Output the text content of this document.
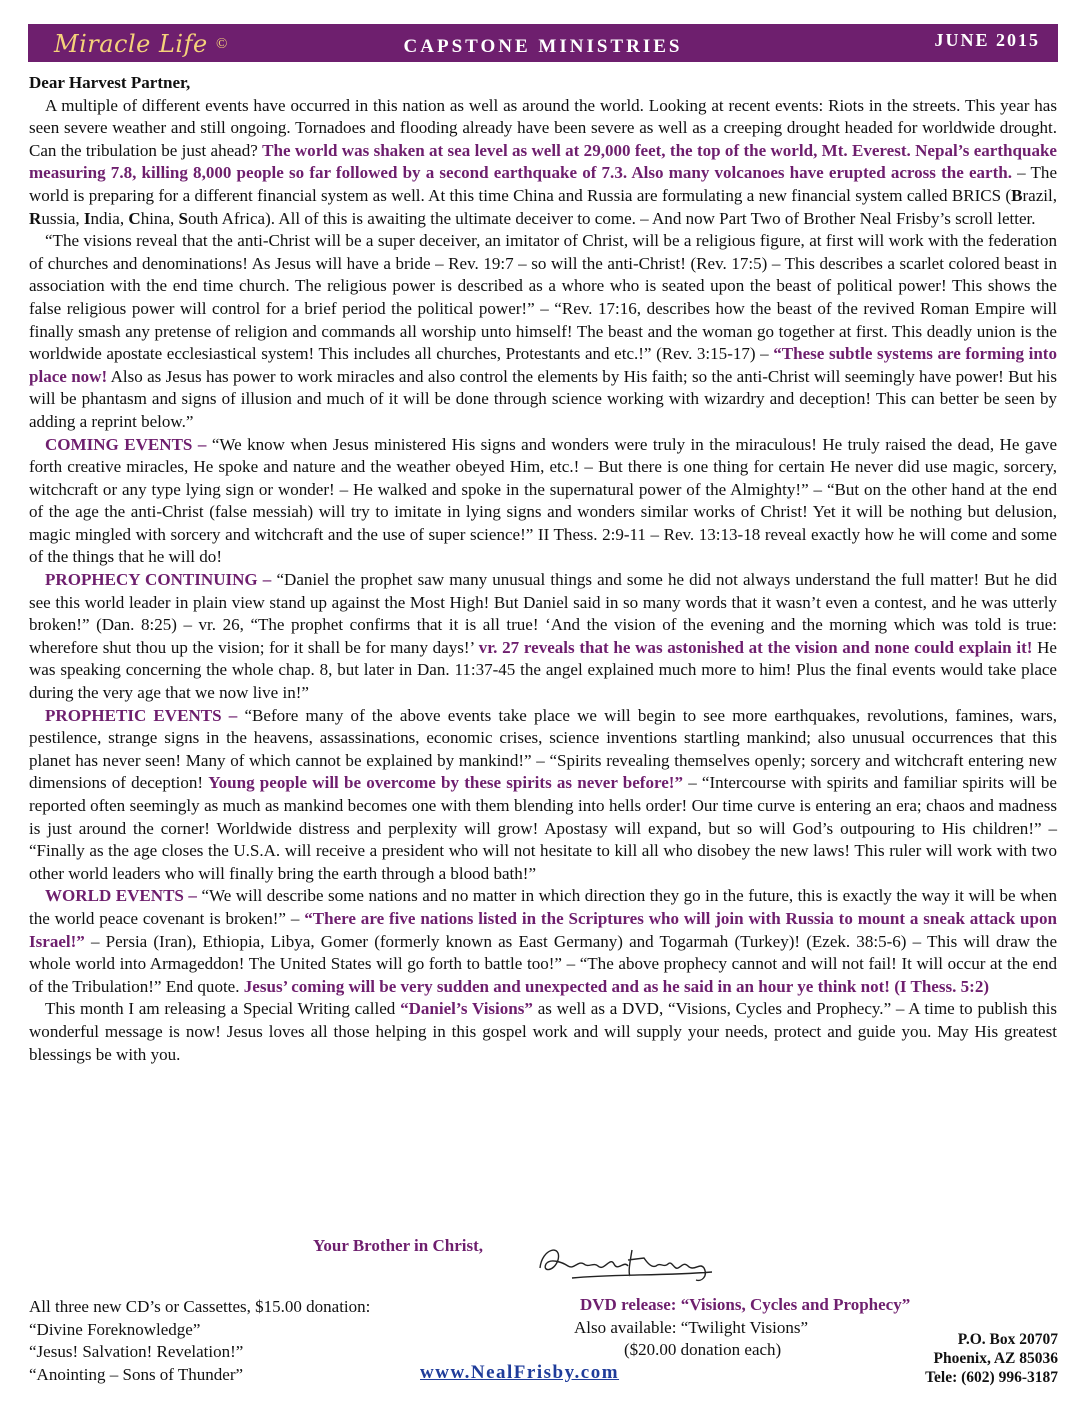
Miracle Life ©	CAPSTONE MINISTRIES	JUNE 2015

Dear Harvest Partner,

A multiple of different events have occurred in this nation as well as around the world. Looking at recent events: Riots in the streets. This year has seen severe weather and still ongoing. Tornadoes and flooding already have been severe as well as a creeping drought headed for worldwide drought. Can the tribulation be just ahead? The world was shaken at sea level as well at 29,000 feet, the top of the world, Mt. Everest. Nepal’s earthquake measuring 7.8, killing 8,000 people so far followed by a second earthquake of 7.3. Also many volcanoes have erupted across the earth. – The world is preparing for a different financial system as well. At this time China and Russia are formulating a new financial system called BRICS (Brazil, Russia, India, China, South Africa). All of this is awaiting the ultimate deceiver to come. – And now Part Two of Brother Neal Frisby’s scroll letter.

“The visions reveal that the anti-Christ will be a super deceiver, an imitator of Christ, will be a religious figure, at first will work with the federation of churches and denominations! As Jesus will have a bride – Rev. 19:7 – so will the anti-Christ! (Rev. 17:5) – This describes a scarlet colored beast in association with the end time church. The religious power is described as a whore who is seated upon the beast of political power! This shows the false religious power will control for a brief period the political power!” – “Rev. 17:16, describes how the beast of the revived Roman Empire will finally smash any pretense of religion and commands all worship unto himself! The beast and the woman go together at first. This deadly union is the worldwide apostate ecclesiastical system! This includes all churches, Protestants and etc.!” (Rev. 3:15-17) – “These subtle systems are forming into place now! Also as Jesus has power to work miracles and also control the elements by His faith; so the anti-Christ will seemingly have power! But his will be phantasm and signs of illusion and much of it will be done through science working with wizardry and deception! This can better be seen by adding a reprint below.”

COMING EVENTS – “We know when Jesus ministered His signs and wonders were truly in the miraculous! He truly raised the dead, He gave forth creative miracles, He spoke and nature and the weather obeyed Him, etc.! – But there is one thing for certain He never did use magic, sorcery, witchcraft or any type lying sign or wonder! – He walked and spoke in the supernatural power of the Almighty!” – “But on the other hand at the end of the age the anti-Christ (false messiah) will try to imitate in lying signs and wonders similar works of Christ! Yet it will be nothing but delusion, magic mingled with sorcery and witchcraft and the use of super science!” II Thess. 2:9-11 – Rev. 13:13-18 reveal exactly how he will come and some of the things that he will do!

PROPHECY CONTINUING – “Daniel the prophet saw many unusual things and some he did not always understand the full matter! But he did see this world leader in plain view stand up against the Most High! But Daniel said in so many words that it wasn’t even a contest, and he was utterly broken!” (Dan. 8:25) – vr. 26, “The prophet confirms that it is all true! ‘And the vision of the evening and the morning which was told is true: wherefore shut thou up the vision; for it shall be for many days!’ vr. 27 reveals that he was astonished at the vision and none could explain it! He was speaking concerning the whole chap. 8, but later in Dan. 11:37-45 the angel explained much more to him! Plus the final events would take place during the very age that we now live in!”

PROPHETIC EVENTS – “Before many of the above events take place we will begin to see more earthquakes, revolutions, famines, wars, pestilence, strange signs in the heavens, assassinations, economic crises, science inventions startling mankind; also unusual occurrences that this planet has never seen! Many of which cannot be explained by mankind!” – “Spirits revealing themselves openly; sorcery and witchcraft entering new dimensions of deception! Young people will be overcome by these spirits as never before!” – “Intercourse with spirits and familiar spirits will be reported often seemingly as much as mankind becomes one with them blending into hells order! Our time curve is entering an era; chaos and madness is just around the corner! Worldwide distress and perplexity will grow! Apostasy will expand, but so will God’s outpouring to His children!” – “Finally as the age closes the U.S.A. will receive a president who will not hesitate to kill all who disobey the new laws! This ruler will work with two other world leaders who will finally bring the earth through a blood bath!”

WORLD EVENTS – “We will describe some nations and no matter in which direction they go in the future, this is exactly the way it will be when the world peace covenant is broken!” – “There are five nations listed in the Scriptures who will join with Russia to mount a sneak attack upon Israel!” – Persia (Iran), Ethiopia, Libya, Gomer (formerly known as East Germany) and Togarmah (Turkey)! (Ezek. 38:5-6) – This will draw the whole world into Armageddon! The United States will go forth to battle too!” – “The above prophecy cannot and will not fail! It will occur at the end of the Tribulation!” End quote. Jesus’ coming will be very sudden and unexpected and as he said in an hour ye think not! (I Thess. 5:2)

This month I am releasing a Special Writing called “Daniel’s Visions” as well as a DVD, “Visions, Cycles and Prophecy.” – A time to publish this wonderful message is now! Jesus loves all those helping in this gospel work and will supply your needs, protect and guide you. May His greatest blessings be with you.

Your Brother in Christ,
All three new CD’s or Cassettes, $15.00 donation:
“Divine Foreknowledge”
“Jesus! Salvation! Revelation!”
“Anointing – Sons of Thunder”
DVD release: “Visions, Cycles and Prophecy”
Also available: “Twilight Visions”
($20.00 donation each)
P.O. Box 20707
Phoenix, AZ 85036
Tele: (602) 996-3187
www.NealFrisby.com
